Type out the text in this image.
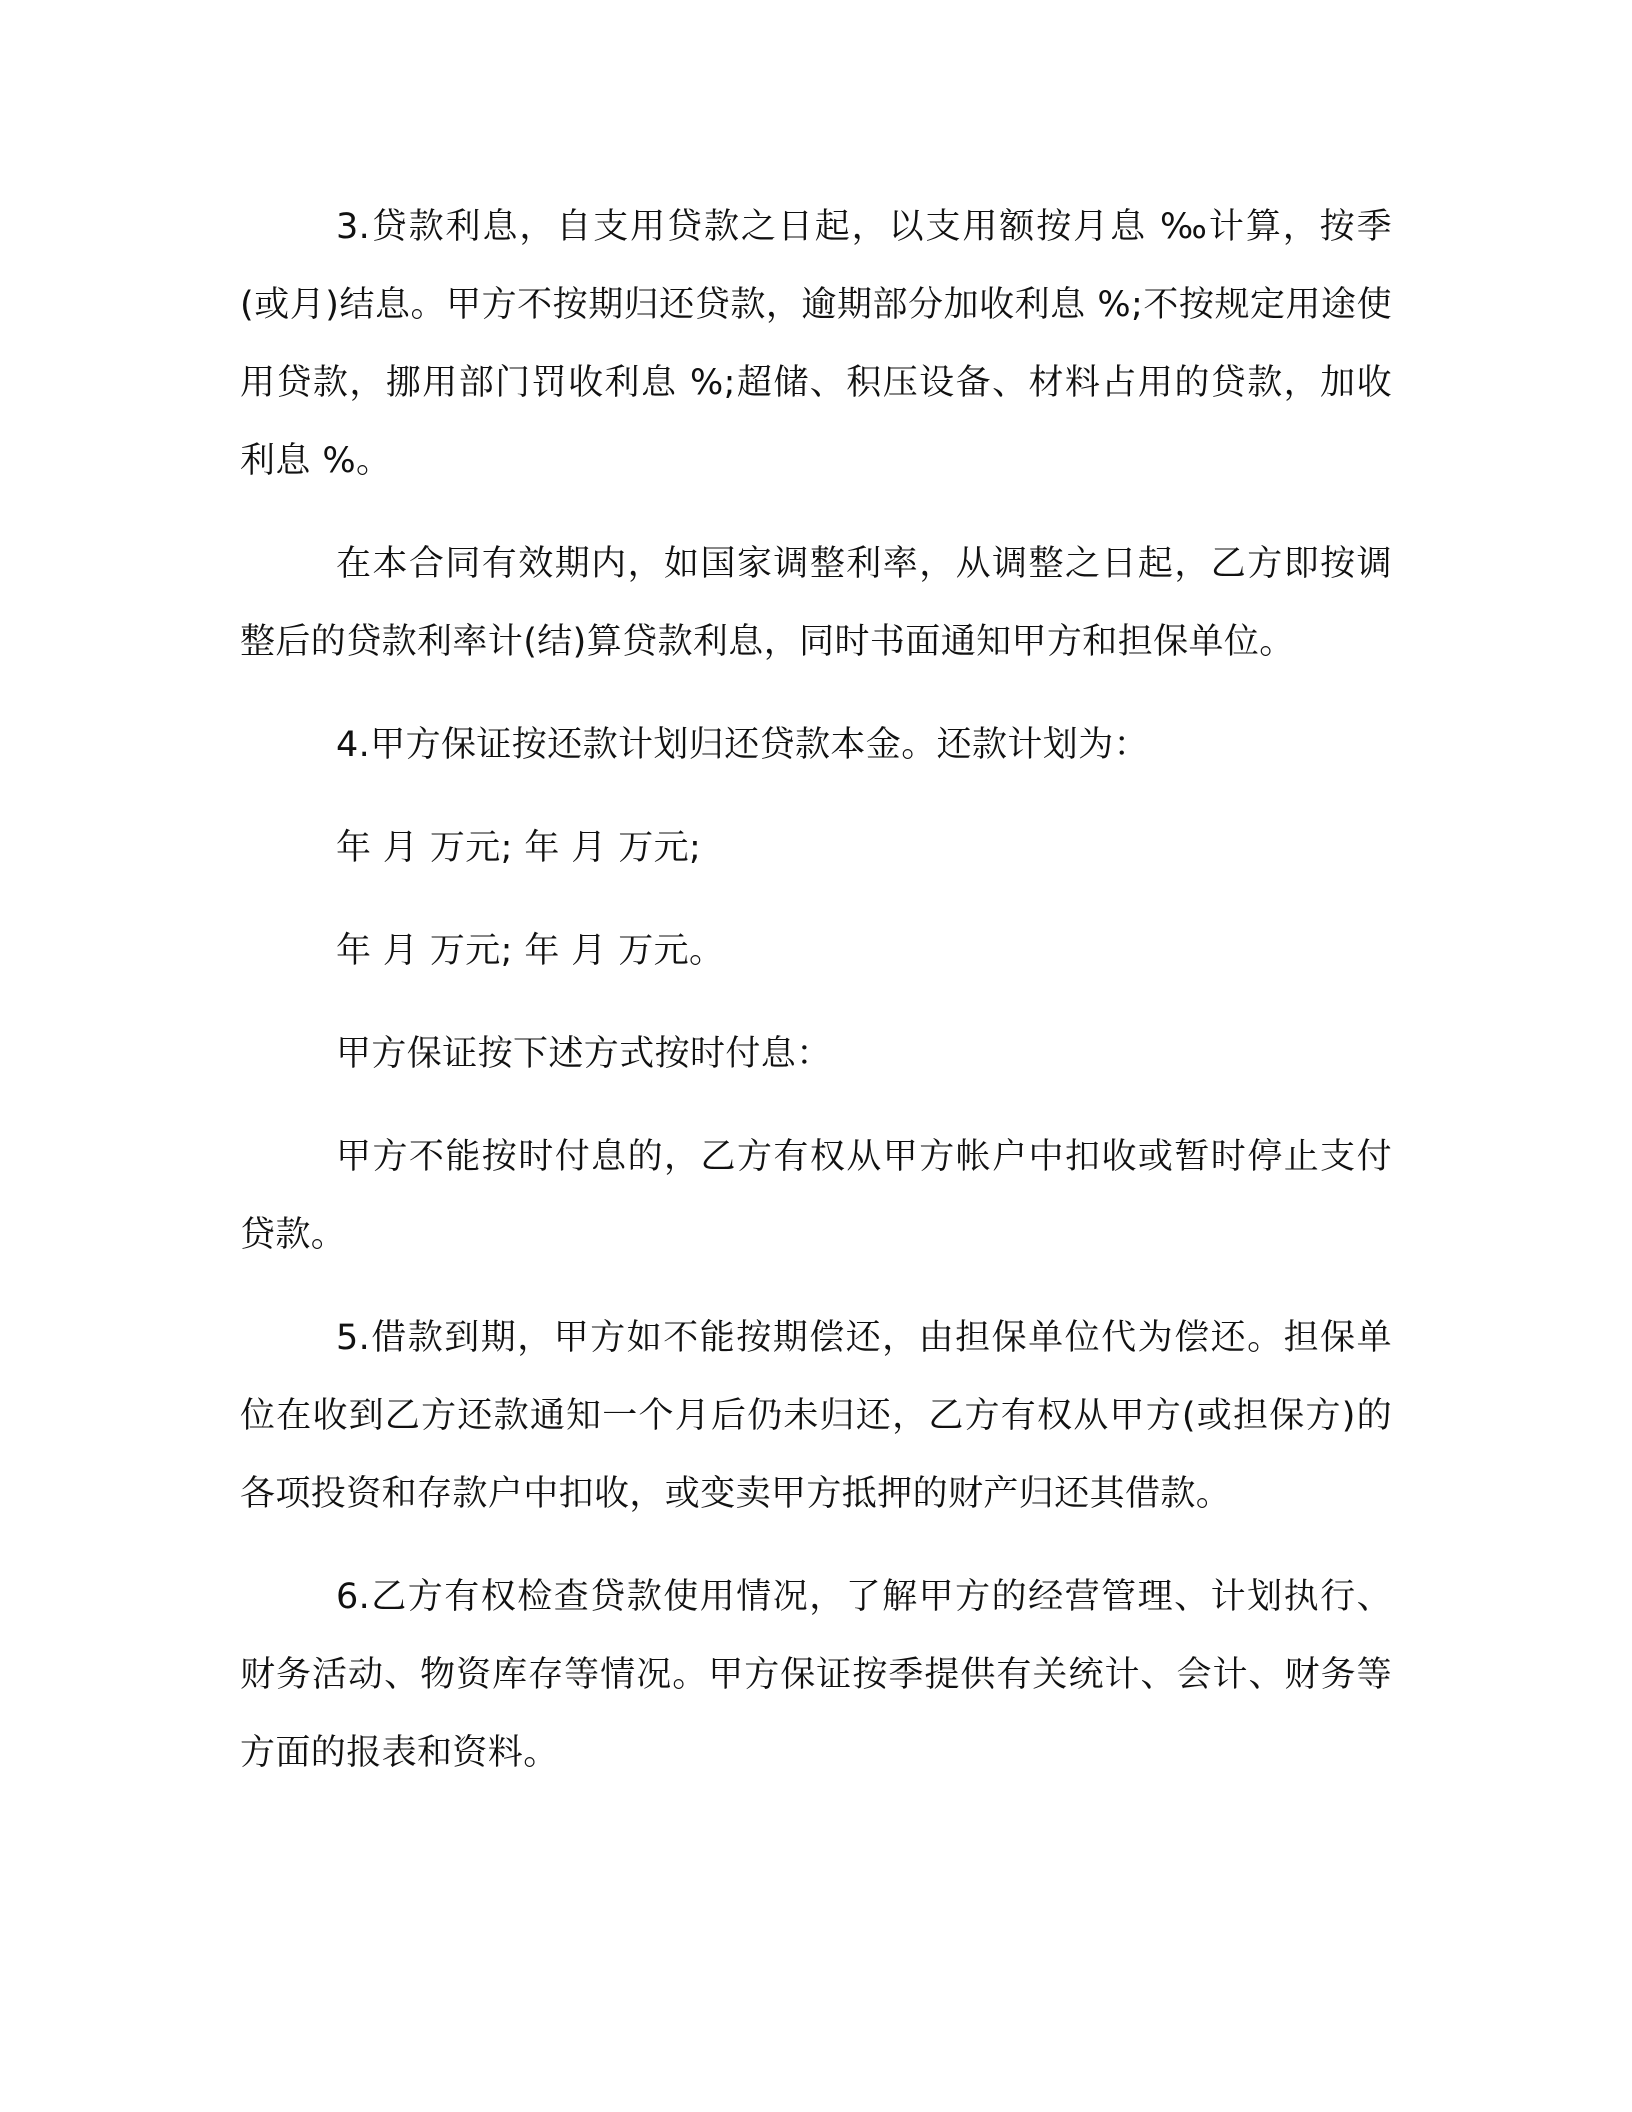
3.贷款利息，自支用贷款之日起，以支用额按月息 ‰计算，按季(或月)结息。甲方不按期归还贷款，逾期部分加收利息 %;不按规定用途使用贷款，挪用部门罚收利息 %;超储、积压设备、材料占用的贷款，加收利息 %。

在本合同有效期内，如国家调整利率，从调整之日起，乙方即按调整后的贷款利率计(结)算贷款利息，同时书面通知甲方和担保单位。

4.甲方保证按还款计划归还贷款本金。还款计划为：

年 月 万元; 年 月 万元;

年 月 万元; 年 月 万元。

甲方保证按下述方式按时付息：

甲方不能按时付息的，乙方有权从甲方帐户中扣收或暂时停止支付贷款。

5.借款到期，甲方如不能按期偿还，由担保单位代为偿还。担保单位在收到乙方还款通知一个月后仍未归还，乙方有权从甲方(或担保方)的各项投资和存款户中扣收，或变卖甲方抵押的财产归还其借款。

6.乙方有权检查贷款使用情况，了解甲方的经营管理、计划执行、财务活动、物资库存等情况。甲方保证按季提供有关统计、会计、财务等方面的报表和资料。
